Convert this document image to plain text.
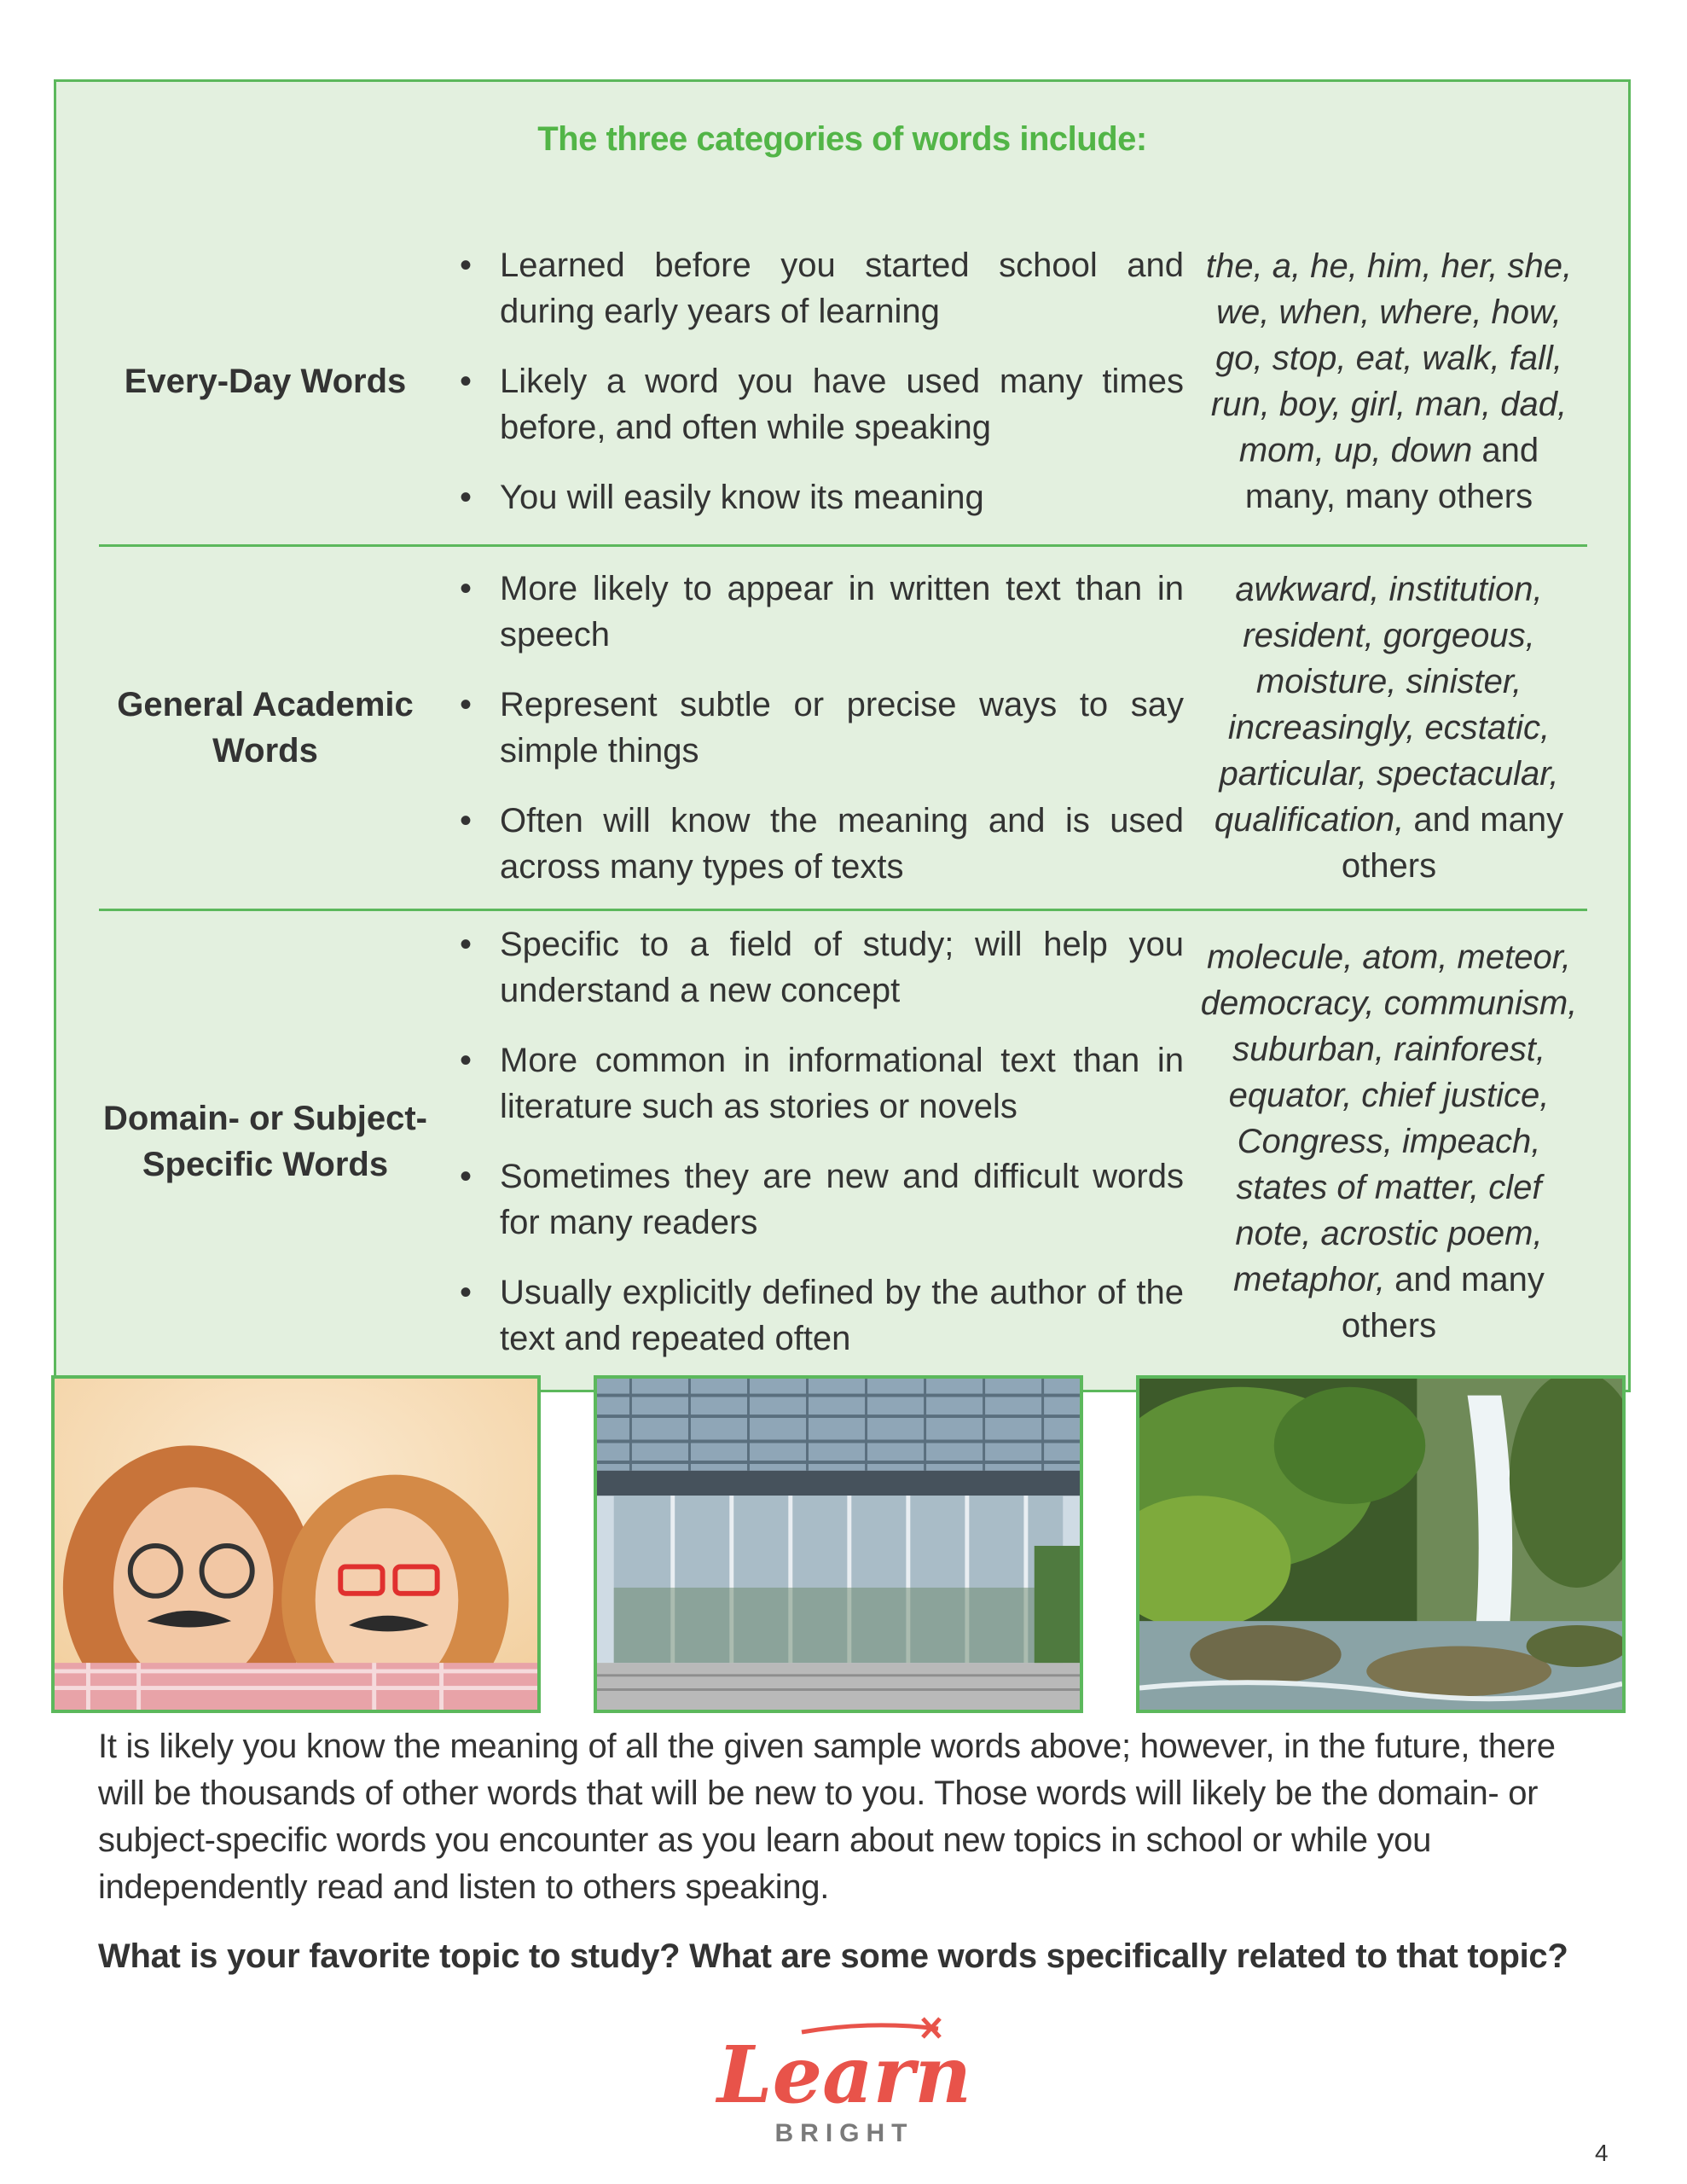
The three categories of words include:
Every-Day Words
• Learned before you started school and during early years of learning
• Likely a word you have used many times before, and often while speaking
• You will easily know its meaning
the, a, he, him, her, she, we, when, where, how, go, stop, eat, walk, fall, run, boy, girl, man, dad, mom, up, down and many, many others
General Academic
Words
• More likely to appear in written text than in speech
• Represent subtle or precise ways to say simple things
• Often will know the meaning and is used across many types of texts
awkward, institution, resident, gorgeous, moisture, sinister, increasingly, ecstatic, particular, spectacular, qualification, and many others
Domain- or Subject-
Specific Words
• Specific to a field of study; will help you understand a new concept
• More common in informational text than in literature such as stories or novels
• Sometimes they are new and difficult words for many readers
• Usually explicitly defined by the author of the text and repeated often
molecule, atom, meteor, democracy, communism, suburban, rainforest, equator, chief justice, Congress, impeach, states of matter, clef note, acrostic poem, metaphor, and many others
It is likely you know the meaning of all the given sample words above; however, in the future, there will be thousands of other words that will be new to you. Those words will likely be the domain- or subject-specific words you encounter as you learn about new topics in school or while you independently read and listen to others speaking.
What is your favorite topic to study? What are some words specifically related to that topic?
Learn
BRIGHT
4
